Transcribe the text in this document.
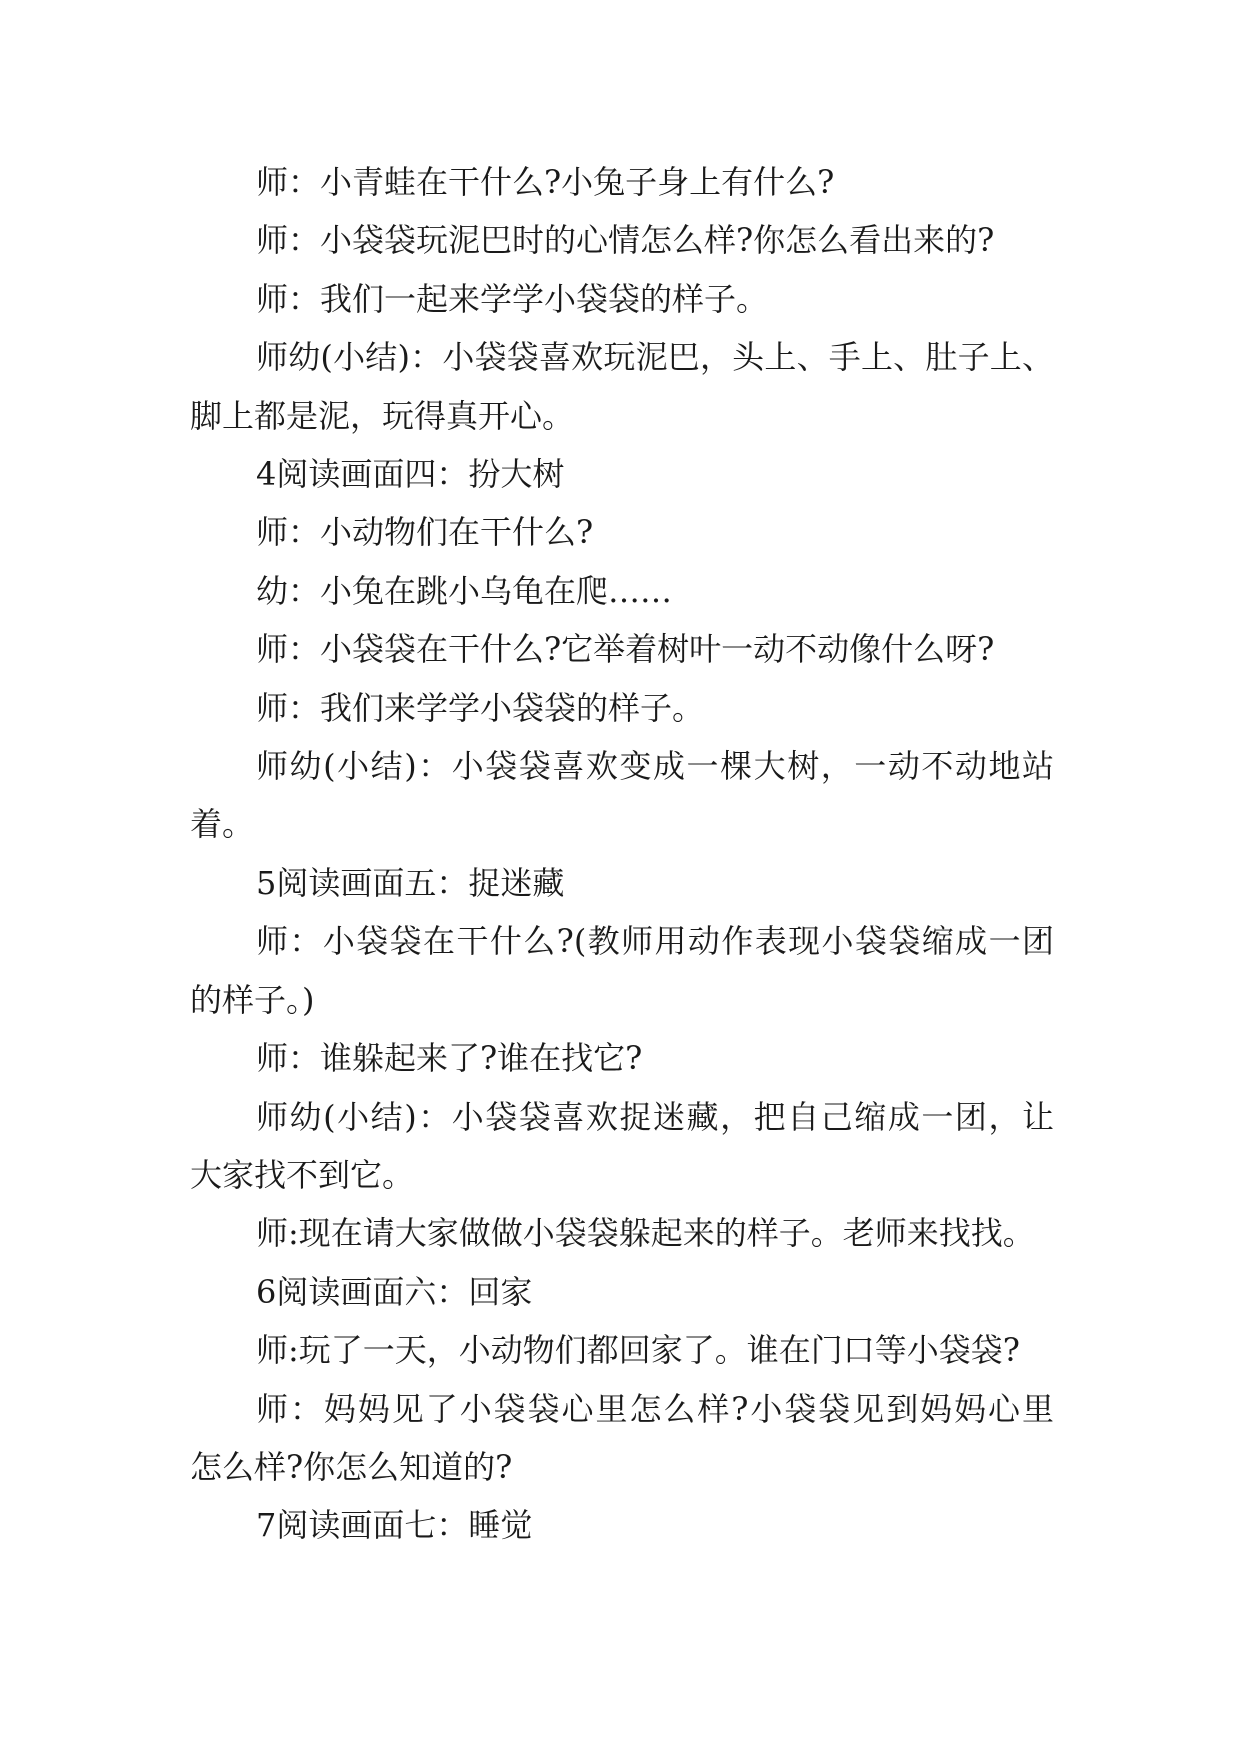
师：小青蛙在干什么?小兔子身上有什么?
师：小袋袋玩泥巴时的心情怎么样?你怎么看出来的?
师：我们一起来学学小袋袋的样子。
师幼(小结)：小袋袋喜欢玩泥巴，头上、手上、肚子上、
脚上都是泥，玩得真开心。
4阅读画面四：扮大树
师：小动物们在干什么?
幼：小兔在跳小乌龟在爬……
师：小袋袋在干什么?它举着树叶一动不动像什么呀?
师：我们来学学小袋袋的样子。
师幼(小结)：小袋袋喜欢变成一棵大树，一动不动地站
着。
5阅读画面五：捉迷藏
师：小袋袋在干什么?(教师用动作表现小袋袋缩成一团
的样子。)
师：谁躲起来了?谁在找它?
师幼(小结)：小袋袋喜欢捉迷藏，把自己缩成一团，让
大家找不到它。
师:现在请大家做做小袋袋躲起来的样子。老师来找找。
6阅读画面六：回家
师:玩了一天，小动物们都回家了。谁在门口等小袋袋?
师：妈妈见了小袋袋心里怎么样?小袋袋见到妈妈心里
怎么样?你怎么知道的?
7阅读画面七：睡觉
